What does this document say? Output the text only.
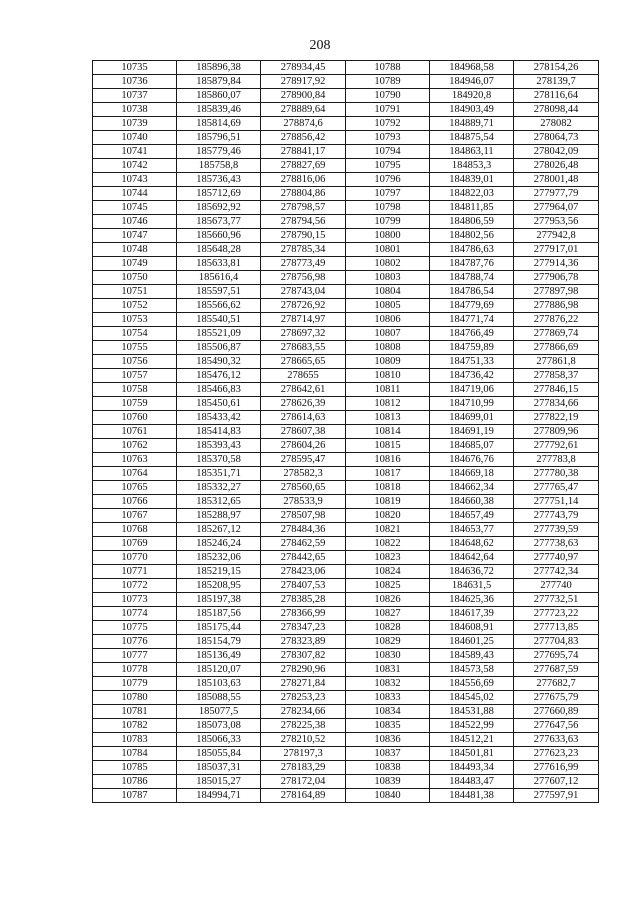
208
10735	185896,38	278934,45	10788	184968,58	278154,26
10736	185879,84	278917,92	10789	184946,07	278139,7
10737	185860,07	278900,84	10790	184920,8	278116,64
10738	185839,46	278889,64	10791	184903,49	278098,44
10739	185814,69	278874,6	10792	184889,71	278082
10740	185796,51	278856,42	10793	184875,54	278064,73
10741	185779,46	278841,17	10794	184863,11	278042,09
10742	185758,8	278827,69	10795	184853,3	278026,48
10743	185736,43	278816,06	10796	184839,01	278001,48
10744	185712,69	278804,86	10797	184822,03	277977,79
10745	185692,92	278798,57	10798	184811,85	277964,07
10746	185673,77	278794,56	10799	184806,59	277953,56
10747	185660,96	278790,15	10800	184802,56	277942,8
10748	185648,28	278785,34	10801	184786,63	277917,01
10749	185633,81	278773,49	10802	184787,76	277914,36
10750	185616,4	278756,98	10803	184788,74	277906,78
10751	185597,51	278743,04	10804	184786,54	277897,98
10752	185566,62	278726,92	10805	184779,69	277886,98
10753	185540,51	278714,97	10806	184771,74	277876,22
10754	185521,09	278697,32	10807	184766,49	277869,74
10755	185506,87	278683,55	10808	184759,89	277866,69
10756	185490,32	278665,65	10809	184751,33	277861,8
10757	185476,12	278655	10810	184736,42	277858,37
10758	185466,83	278642,61	10811	184719,06	277846,15
10759	185450,61	278626,39	10812	184710,99	277834,66
10760	185433,42	278614,63	10813	184699,01	277822,19
10761	185414,83	278607,38	10814	184691,19	277809,96
10762	185393,43	278604,26	10815	184685,07	277792,61
10763	185370,58	278595,47	10816	184676,76	277783,8
10764	185351,71	278582,3	10817	184669,18	277780,38
10765	185332,27	278560,65	10818	184662,34	277765,47
10766	185312,65	278533,9	10819	184660,38	277751,14
10767	185288,97	278507,98	10820	184657,49	277743,79
10768	185267,12	278484,36	10821	184653,77	277739,59
10769	185246,24	278462,59	10822	184648,62	277738,63
10770	185232,06	278442,65	10823	184642,64	277740,97
10771	185219,15	278423,06	10824	184636,72	277742,34
10772	185208,95	278407,53	10825	184631,5	277740
10773	185197,38	278385,28	10826	184625,36	277732,51
10774	185187,56	278366,99	10827	184617,39	277723,22
10775	185175,44	278347,23	10828	184608,91	277713,85
10776	185154,79	278323,89	10829	184601,25	277704,83
10777	185136,49	278307,82	10830	184589,43	277695,74
10778	185120,07	278290,96	10831	184573,58	277687,59
10779	185103,63	278271,84	10832	184556,69	277682,7
10780	185088,55	278253,23	10833	184545,02	277675,79
10781	185077,5	278234,66	10834	184531,88	277660,89
10782	185073,08	278225,38	10835	184522,99	277647,56
10783	185066,33	278210,52	10836	184512,21	277633,63
10784	185055,84	278197,3	10837	184501,81	277623,23
10785	185037,31	278183,29	10838	184493,34	277616,99
10786	185015,27	278172,04	10839	184483,47	277607,12
10787	184994,71	278164,89	10840	184481,38	277597,91
